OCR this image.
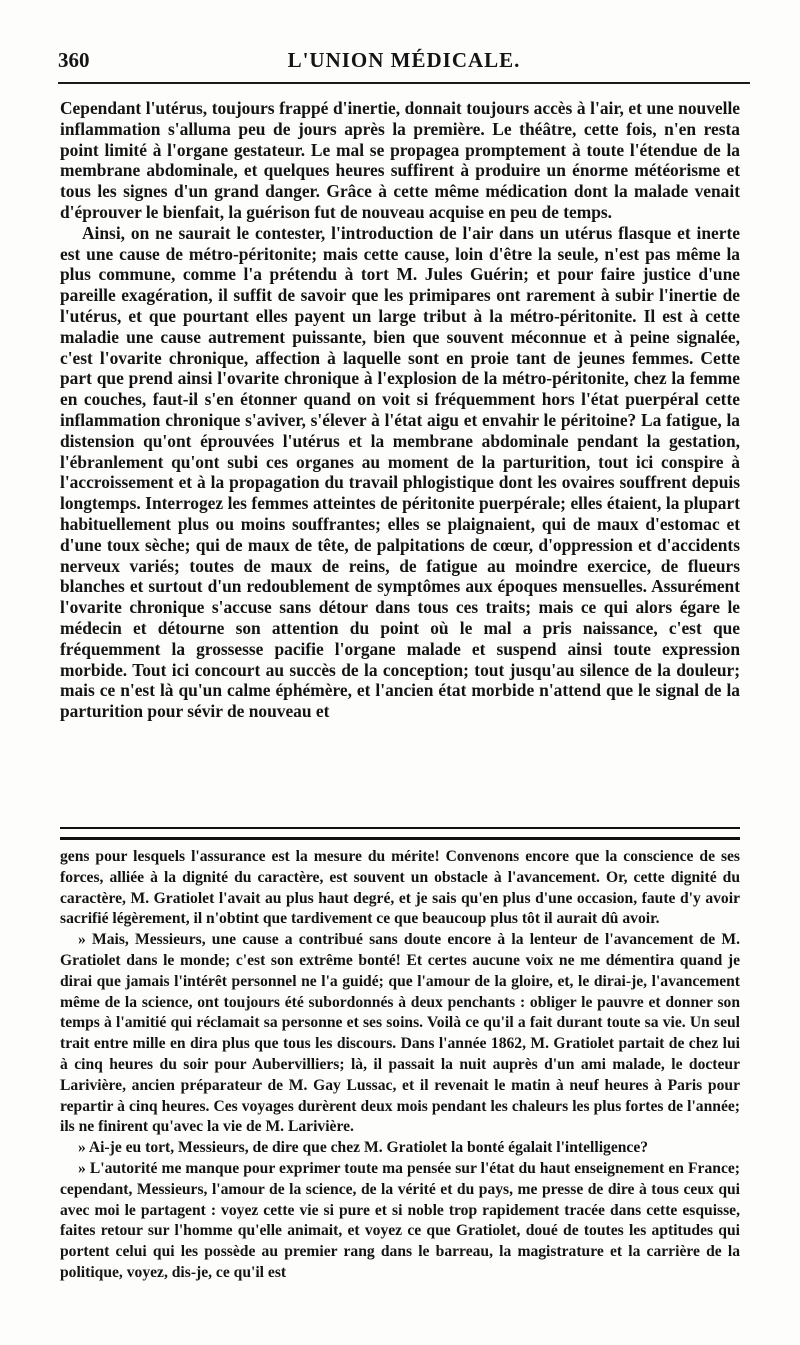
360	L'UNION MÉDICALE.

Cependant l'utérus, toujours frappé d'inertie, donnait toujours accès à l'air, et une nouvelle inflammation s'alluma peu de jours après la première. Le théâtre, cette fois, n'en resta point limité à l'organe gestateur. Le mal se propagea promptement à toute l'étendue de la membrane abdominale, et quelques heures suffirent à produire un énorme météorisme et tous les signes d'un grand danger. Grâce à cette même médication dont la malade venait d'éprouver le bienfait, la guérison fut de nouveau acquise en peu de temps.

Ainsi, on ne saurait le contester, l'introduction de l'air dans un utérus flasque et inerte est une cause de métro-péritonite; mais cette cause, loin d'être la seule, n'est pas même la plus commune, comme l'a prétendu à tort M. Jules Guérin; et pour faire justice d'une pareille exagération, il suffit de savoir que les primipares ont rarement à subir l'inertie de l'utérus, et que pourtant elles payent un large tribut à la métro-péritonite. Il est à cette maladie une cause autrement puissante, bien que souvent méconnue et à peine signalée, c'est l'ovarite chronique, affection à laquelle sont en proie tant de jeunes femmes. Cette part que prend ainsi l'ovarite chronique à l'explosion de la métro-péritonite, chez la femme en couches, faut-il s'en étonner quand on voit si fréquemment hors l'état puerpéral cette inflammation chronique s'aviver, s'élever à l'état aigu et envahir le péritoine? La fatigue, la distension qu'ont éprouvées l'utérus et la membrane abdominale pendant la gestation, l'ébranlement qu'ont subi ces organes au moment de la parturition, tout ici conspire à l'accroissement et à la propagation du travail phlogistique dont les ovaires souffrent depuis longtemps. Interrogez les femmes atteintes de péritonite puerpérale; elles étaient, la plupart habituellement plus ou moins souffrantes; elles se plaignaient, qui de maux d'estomac et d'une toux sèche; qui de maux de tête, de palpitations de cœur, d'oppression et d'accidents nerveux variés; toutes de maux de reins, de fatigue au moindre exercice, de flueurs blanches et surtout d'un redoublement de symptômes aux époques mensuelles. Assurément l'ovarite chronique s'accuse sans détour dans tous ces traits; mais ce qui alors égare le médecin et détourne son attention du point où le mal a pris naissance, c'est que fréquemment la grossesse pacifie l'organe malade et suspend ainsi toute expression morbide. Tout ici concourt au succès de la conception; tout jusqu'au silence de la douleur; mais ce n'est là qu'un calme éphémère, et l'ancien état morbide n'attend que le signal de la parturition pour sévir de nouveau et

gens pour lesquels l'assurance est la mesure du mérite! Convenons encore que la conscience de ses forces, alliée à la dignité du caractère, est souvent un obstacle à l'avancement. Or, cette dignité du caractère, M. Gratiolet l'avait au plus haut degré, et je sais qu'en plus d'une occasion, faute d'y avoir sacrifié légèrement, il n'obtint que tardivement ce que beaucoup plus tôt il aurait dû avoir.

» Mais, Messieurs, une cause a contribué sans doute encore à la lenteur de l'avancement de M. Gratiolet dans le monde; c'est son extrême bonté! Et certes aucune voix ne me démentira quand je dirai que jamais l'intérêt personnel ne l'a guidé; que l'amour de la gloire, et, le dirai-je, l'avancement même de la science, ont toujours été subordonnés à deux penchants : obliger le pauvre et donner son temps à l'amitié qui réclamait sa personne et ses soins. Voilà ce qu'il a fait durant toute sa vie. Un seul trait entre mille en dira plus que tous les discours. Dans l'année 1862, M. Gratiolet partait de chez lui à cinq heures du soir pour Aubervilliers; là, il passait la nuit auprès d'un ami malade, le docteur Larivière, ancien préparateur de M. Gay Lussac, et il revenait le matin à neuf heures à Paris pour repartir à cinq heures. Ces voyages durèrent deux mois pendant les chaleurs les plus fortes de l'année; ils ne finirent qu'avec la vie de M. Larivière.

» Ai-je eu tort, Messieurs, de dire que chez M. Gratiolet la bonté égalait l'intelligence?

» L'autorité me manque pour exprimer toute ma pensée sur l'état du haut enseignement en France; cependant, Messieurs, l'amour de la science, de la vérité et du pays, me presse de dire à tous ceux qui avec moi le partagent : voyez cette vie si pure et si noble trop rapidement tracée dans cette esquisse, faites retour sur l'homme qu'elle animait, et voyez ce que Gratiolet, doué de toutes les aptitudes qui portent celui qui les possède au premier rang dans le barreau, la magistrature et la carrière de la politique, voyez, dis-je, ce qu'il est
